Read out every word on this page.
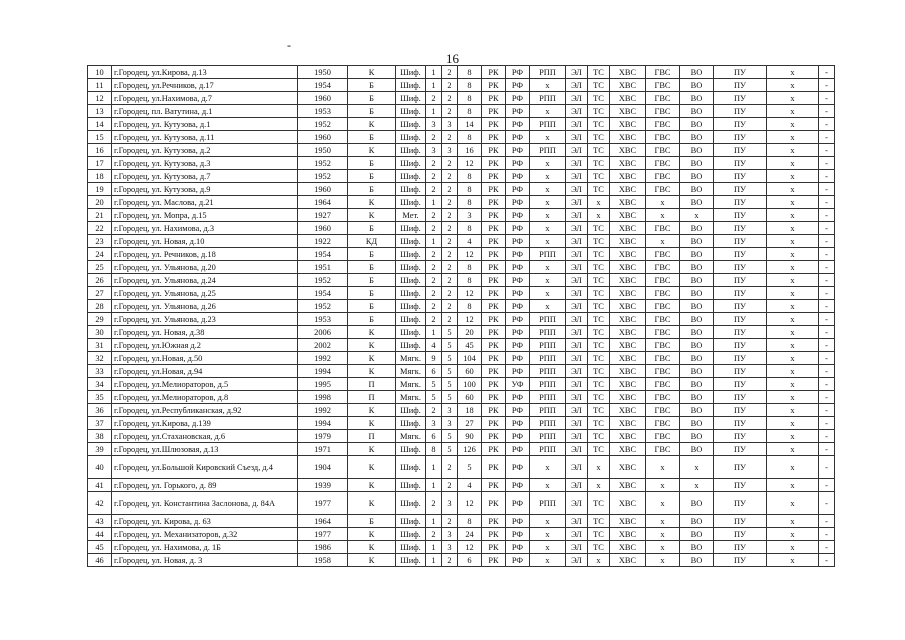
-
16
10	г.Городец, ул.Кирова, д.13	1950	К	Шиф.	1	2	8	РК	РФ	РПП	ЭЛ	ТС	ХВС	ГВС	ВО	ПУ	х	-
11	г.Городец, ул.Речников, д.17	1954	Б	Шиф.	1	2	8	РК	РФ	х	ЭЛ	ТС	ХВС	ГВС	ВО	ПУ	х	-
12	г.Городец, ул.Нахимова, д.7	1960	Б	Шиф.	2	2	8	РК	РФ	РПП	ЭЛ	ТС	ХВС	ГВС	ВО	ПУ	х	-
13	г.Городец, пл. Ватутина, д.1	1953	Б	Шиф.	1	2	8	РК	РФ	х	ЭЛ	ТС	ХВС	ГВС	ВО	ПУ	х	-
14	г.Городец, ул. Кутузова, д.1	1952	К	Шиф.	3	3	14	РК	РФ	РПП	ЭЛ	ТС	ХВС	ГВС	ВО	ПУ	х	-
15	г.Городец, ул. Кутузова, д.11	1960	Б	Шиф.	2	2	8	РК	РФ	х	ЭЛ	ТС	ХВС	ГВС	ВО	ПУ	х	-
16	г.Городец, ул. Кутузова, д.2	1950	К	Шиф.	3	3	16	РК	РФ	РПП	ЭЛ	ТС	ХВС	ГВС	ВО	ПУ	х	-
17	г.Городец, ул. Кутузова, д.3	1952	Б	Шиф.	2	2	12	РК	РФ	х	ЭЛ	ТС	ХВС	ГВС	ВО	ПУ	х	-
18	г.Городец, ул. Кутузова, д.7	1952	Б	Шиф.	2	2	8	РК	РФ	х	ЭЛ	ТС	ХВС	ГВС	ВО	ПУ	х	-
19	г.Городец, ул. Кутузова, д.9	1960	Б	Шиф.	2	2	8	РК	РФ	х	ЭЛ	ТС	ХВС	ГВС	ВО	ПУ	х	-
20	г.Городец, ул. Маслова, д.21	1964	К	Шиф.	1	2	8	РК	РФ	х	ЭЛ	х	ХВС	х	ВО	ПУ	х	-
21	г.Городец, ул. Мопра, д.15	1927	К	Мет.	2	2	3	РК	РФ	х	ЭЛ	х	ХВС	х	х	ПУ	х	-
22	г.Городец, ул. Нахимова, д.3	1960	Б	Шиф.	2	2	8	РК	РФ	х	ЭЛ	ТС	ХВС	ГВС	ВО	ПУ	х	-
23	г.Городец, ул. Новая, д.10	1922	КД	Шиф.	1	2	4	РК	РФ	х	ЭЛ	ТС	ХВС	х	ВО	ПУ	х	-
24	г.Городец, ул. Речников, д.18	1954	Б	Шиф.	2	2	12	РК	РФ	РПП	ЭЛ	ТС	ХВС	ГВС	ВО	ПУ	х	-
25	г.Городец, ул. Ульянова, д.20	1951	Б	Шиф.	2	2	8	РК	РФ	х	ЭЛ	ТС	ХВС	ГВС	ВО	ПУ	х	-
26	г.Городец, ул. Ульянова, д.24	1952	Б	Шиф.	2	2	8	РК	РФ	х	ЭЛ	ТС	ХВС	ГВС	ВО	ПУ	х	-
27	г.Городец, ул. Ульянова, д.25	1954	Б	Шиф.	2	2	12	РК	РФ	х	ЭЛ	ТС	ХВС	ГВС	ВО	ПУ	х	-
28	г.Городец, ул. Ульянова, д.26	1952	Б	Шиф.	2	2	8	РК	РФ	х	ЭЛ	ТС	ХВС	ГВС	ВО	ПУ	х	-
29	г.Городец, ул. Ульянова, д.23	1953	Б	Шиф.	2	2	12	РК	РФ	РПП	ЭЛ	ТС	ХВС	ГВС	ВО	ПУ	х	-
30	г.Городец, ул. Новая, д.38	2006	К	Шиф.	1	5	20	РК	РФ	РПП	ЭЛ	ТС	ХВС	ГВС	ВО	ПУ	х	-
31	г.Городец, ул.Южная д.2	2002	К	Шиф.	4	5	45	РК	РФ	РПП	ЭЛ	ТС	ХВС	ГВС	ВО	ПУ	х	-
32	г.Городец, ул.Новая, д.50	1992	К	Мягк.	9	5	104	РК	РФ	РПП	ЭЛ	ТС	ХВС	ГВС	ВО	ПУ	х	-
33	г.Городец, ул.Новая, д.94	1994	К	Мягк.	6	5	60	РК	РФ	РПП	ЭЛ	ТС	ХВС	ГВС	ВО	ПУ	х	-
34	г.Городец, ул.Мелиораторов, д.5	1995	П	Мягк.	5	5	100	РК	УФ	РПП	ЭЛ	ТС	ХВС	ГВС	ВО	ПУ	х	-
35	г.Городец, ул.Мелиораторов, д.8	1998	П	Мягк.	5	5	60	РК	РФ	РПП	ЭЛ	ТС	ХВС	ГВС	ВО	ПУ	х	-
36	г.Городец, ул.Республиканская, д.92	1992	К	Шиф.	2	3	18	РК	РФ	РПП	ЭЛ	ТС	ХВС	ГВС	ВО	ПУ	х	-
37	г.Городец, ул.Кирова, д.139	1994	К	Шиф.	3	3	27	РК	РФ	РПП	ЭЛ	ТС	ХВС	ГВС	ВО	ПУ	х	-
38	г.Городец, ул.Стахановская, д.6	1979	П	Мягк.	6	5	90	РК	РФ	РПП	ЭЛ	ТС	ХВС	ГВС	ВО	ПУ	х	-
39	г.Городец, ул.Шлюзовая, д.13	1971	К	Шиф.	8	5	126	РК	РФ	РПП	ЭЛ	ТС	ХВС	ГВС	ВО	ПУ	х	-
40	г.Городец, ул.Большой Кировский Съезд, д.4	1904	К	Шиф.	1	2	5	РК	РФ	х	ЭЛ	х	ХВС	х	х	ПУ	х	-
41	г.Городец, ул. Горького, д. 89	1939	К	Шиф.	1	2	4	РК	РФ	х	ЭЛ	х	ХВС	х	х	ПУ	х	-
42	г.Городец, ул. Константина Заслонова, д. 84А	1977	К	Шиф.	2	3	12	РК	РФ	РПП	ЭЛ	ТС	ХВС	х	ВО	ПУ	х	-
43	г.Городец, ул. Кирова, д. 63	1964	Б	Шиф.	1	2	8	РК	РФ	х	ЭЛ	ТС	ХВС	х	ВО	ПУ	х	-
44	г.Городец, ул. Механизаторов, д.32	1977	К	Шиф.	2	3	24	РК	РФ	х	ЭЛ	ТС	ХВС	х	ВО	ПУ	х	-
45	г.Городец, ул. Нахимова, д. 1Б	1986	К	Шиф.	1	3	12	РК	РФ	х	ЭЛ	ТС	ХВС	х	ВО	ПУ	х	-
46	г.Городец, ул. Новая, д. 3	1958	К	Шиф.	1	2	6	РК	РФ	х	ЭЛ	х	ХВС	х	ВО	ПУ	х	-
